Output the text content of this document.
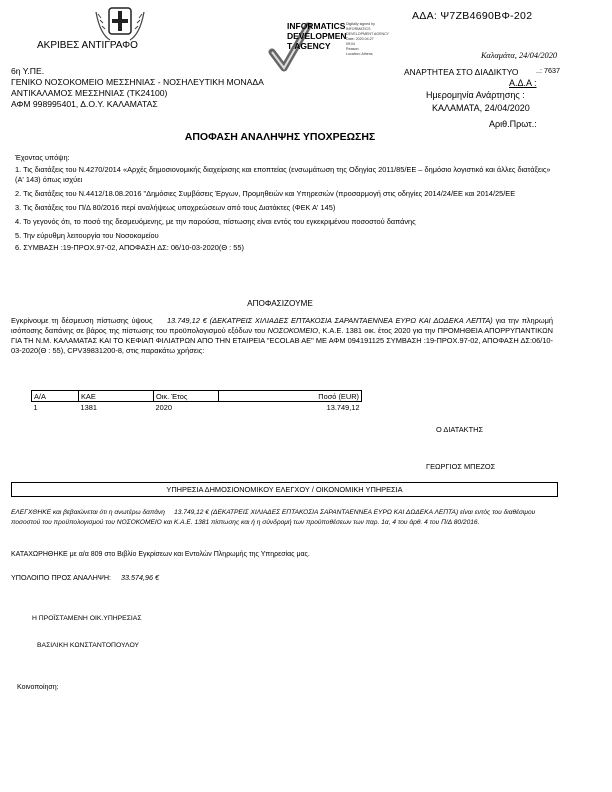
ΑΔΑ: Ψ7ΖΒ4690ΒΦ-202
ΑΚΡΙΒΕΣ ΑΝΤΙΓΡΑΦΟ
INFORMATICS
DEVELOPMEN
T AGENCY
Digitally signed by
INFORMATICS
DEVELOPMENT AGENCY
Date: 2020.04.27
09:04
Reason:
Location: Athens	Καλαμάτα, 24/04/2020
ΑΝΑΡΤΗΤΕΑ ΣΤΟ ΔΙΑΔΙΚΤΥΟ ..: 7637
Α.Δ.Α :
Ημερομηνία Ανάρτησης :
ΚΑΛΑΜΑΤΑ, 24/04/2020
Αριθ.Πρωτ.:
6η Υ.ΠΕ.
ΓΕΝΙΚΟ ΝΟΣΟΚΟΜΕΙΟ ΜΕΣΣΗΝΙΑΣ - ΝΟΣΗΛΕΥΤΙΚΗ ΜΟΝΑΔΑ
ΑΝΤΙΚΑΛΑΜΟΣ ΜΕΣΣΗΝΙΑΣ (ΤΚ24100)
ΑΦΜ 998995401, Δ.Ο.Υ. ΚΑΛΑΜΑΤΑΣ
ΑΠΟΦΑΣΗ ΑΝΑΛΗΨΗΣ ΥΠΟΧΡΕΩΣΗΣ
Έχοντας υπόψη:
1. Τις διατάξεις του Ν.4270/2014 «Αρχές δημοσιονομικής διαχείρισης και εποπτείας (ενσωμάτωση της Οδηγίας 2011/85/ΕΕ – δημόσιο λογιστικό και άλλες διατάξεις» (Α' 143) όπως ισχύει
2. Τις διατάξεις του Ν.4412/18.08.2016 "Δημόσιες Συμβάσεις Έργων, Προμηθειών και Υπηρεσιών (προσαρμογή στις οδηγίες 2014/24/ΕΕ και 2014/25/ΕΕ
3. Τις διατάξεις του Π/Δ 80/2016 περί αναλήψεως υποχρεώσεων από τους Διατάκτες (ΦΕΚ Α' 145)
4. Το γεγονός ότι, το ποσό της δεσμευόμενης, με την παρούσα, πίστωσης είναι εντός του εγκεκριμένου ποσοστού δαπάνης
5. Την εύρυθμη λειτουργία του Νοσοκομείου
6. ΣΥΜΒΑΣΗ :19-ΠΡΟΧ.97-02, ΑΠΟΦΑΣΗ ΔΣ: 06/10-03-2020(Θ : 55)
ΑΠΟΦΑΣΙΖΟΥΜΕ
Εγκρίνουμε τη δέσμευση πίστωσης ύψους 13.749,12 € (ΔΕΚΑΤΡΕΙΣ ΧΙΛΙΑΔΕΣ ΕΠΤΑΚΟΣΙΑ ΣΑΡΑΝΤΑΕΝΝΕΑ ΕΥΡΩ ΚΑΙ ΔΩΔΕΚΑ ΛΕΠΤΑ) για την πληρωμή ισόποσης δαπάνης σε βάρος της πίστωσης του προϋπολογισμού εξόδων του ΝΟΣΟΚΟΜΕΙΟ, Κ.Α.Ε. 1381 οικ. έτος 2020 για την ΠΡΟΜΗΘΕΙΑ ΑΠΟΡΡΥΠΑΝΤΙΚΩΝ ΓΙΑ ΤΗ Ν.Μ. ΚΑΛΑΜΑΤΑΣ ΚΑΙ ΤΟ ΚΕΦΙΑΠ ΦΙΛΙΑΤΡΩΝ ΑΠΟ ΤΗΝ ΕΤΑΙΡΕΙΑ "ECOLAB AE" ΜΕ ΑΦΜ 094191125 ΣΥΜΒΑΣΗ :19-ΠΡΟΧ.97-02, ΑΠΟΦΑΣΗ ΔΣ:06/10-03-2020(Θ : 55), CPV39831200-8, στις παρακάτω χρήσεις:
Α/Α	ΚΑΕ	Οικ. Έτος	Ποσό (EUR)
1	1381	2020	13.749,12
Ο ΔΙΑΤΑΚΤΗΣ
ΓΕΩΡΓΙΟΣ ΜΠΕΖΟΣ
ΥΠΗΡΕΣΙΑ ΔΗΜΟΣΙΟΝΟΜΙΚΟΥ ΕΛΕΓΧΟΥ / ΟΙΚΟΝΟΜΙΚΗ ΥΠΗΡΕΣΙΑ
ΕΛΕΓΧΘΗΚΕ και βεβαιώνεται ότι η ανωτέρω δαπάνη 13.749,12 € (ΔΕΚΑΤΡΕΙΣ ΧΙΛΙΑΔΕΣ ΕΠΤΑΚΟΣΙΑ ΣΑΡΑΝΤΑΕΝΝΕΑ ΕΥΡΩ ΚΑΙ ΔΩΔΕΚΑ ΛΕΠΤΑ) είναι εντός του διαθέσιμου ποσοστού του προϋπολογισμού του ΝΟΣΟΚΟΜΕΙΟ και Κ.Α.Ε. 1381 πίστωσης και ή η σύνδρομή των προϋποθέσεων των παρ. 1α, 4 του άρθ. 4 του Π/Δ 80/2016.
ΚΑΤΑΧΩΡΗΘΗΚΕ με α/α 809 στο Βιβλίο Εγκρίσεων και Εντολών Πληρωμής της Υπηρεσίας μας.
ΥΠΟΛΟΙΠΟ ΠΡΟΣ ΑΝΑΛΗΨΗ: 33.574,96 €
Η ΠΡΟΪΣΤΑΜΕΝΗ ΟΙΚ.ΥΠΗΡΕΣΙΑΣ
ΒΑΣΙΛΙΚΗ ΚΩΝΣΤΑΝΤΟΠΟΥΛΟΥ
Κοινοποίηση:
